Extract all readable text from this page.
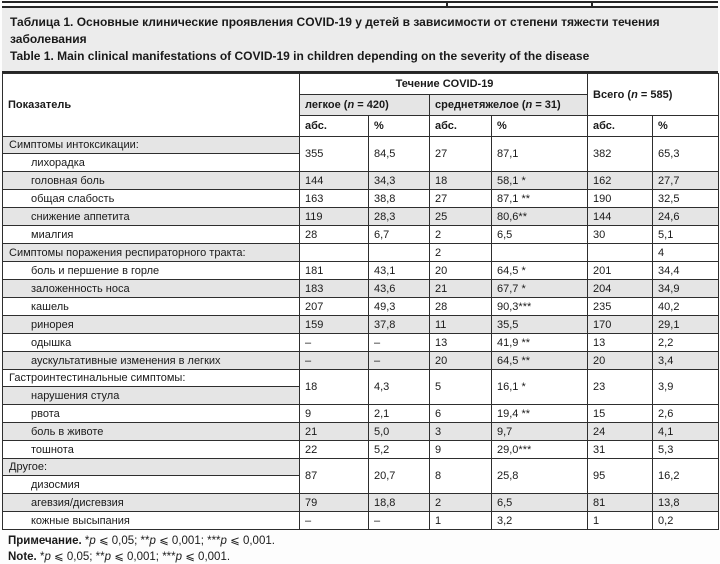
Таблица 1. Основные клинические проявления COVID-19 у детей в зависимости от степени тяжести течения заболевания

Table 1. Main clinical manifestations of COVID-19 in children depending on the severity of the disease

Показатель	Течение COVID-19				Всего (n = 585)	
	легкое (n = 420)		среднетяжелое (n = 31)			
	абс.	%	абс.	%	абс.	%
Симптомы интоксикации:	355	84,5	27	87,1	382	65,3
лихорадка						
головная боль	144	34,3	18	58,1 *	162	27,7
общая слабость	163	38,8	27	87,1 **	190	32,5
снижение аппетита	119	28,3	25	80,6**	144	24,6
миалгия	28	6,7	2	6,5	30	5,1
Симптомы поражения респираторного тракта:			2			4
боль и першение в горле	181	43,1	20	64,5 *	201	34,4
заложенность носа	183	43,6	21	67,7 *	204	34,9
кашель	207	49,3	28	90,3***	235	40,2
ринорея	159	37,8	11	35,5	170	29,1
одышка	–	–	13	41,9 **	13	2,2
аускультативные изменения в легких	–	–	20	64,5 **	20	3,4
Гастроинтестинальные симптомы:	18	4,3	5	16,1 *	23	3,9
нарушения стула						
рвота	9	2,1	6	19,4 **	15	2,6
боль в животе	21	5,0	3	9,7	24	4,1
тошнота	22	5,2	9	29,0***	31	5,3
Другое:	87	20,7	8	25,8	95	16,2
дизосмия						
агевзия/дисгевзия	79	18,8	2	6,5	81	13,8
кожные высыпания	–	–	1	3,2	1	0,2

Примечание. *p ⩽ 0,05; **p ⩽ 0,001; ***p ⩽ 0,001.

Note. *p ⩽ 0,05; **p ⩽ 0,001; ***p ⩽ 0,001.
